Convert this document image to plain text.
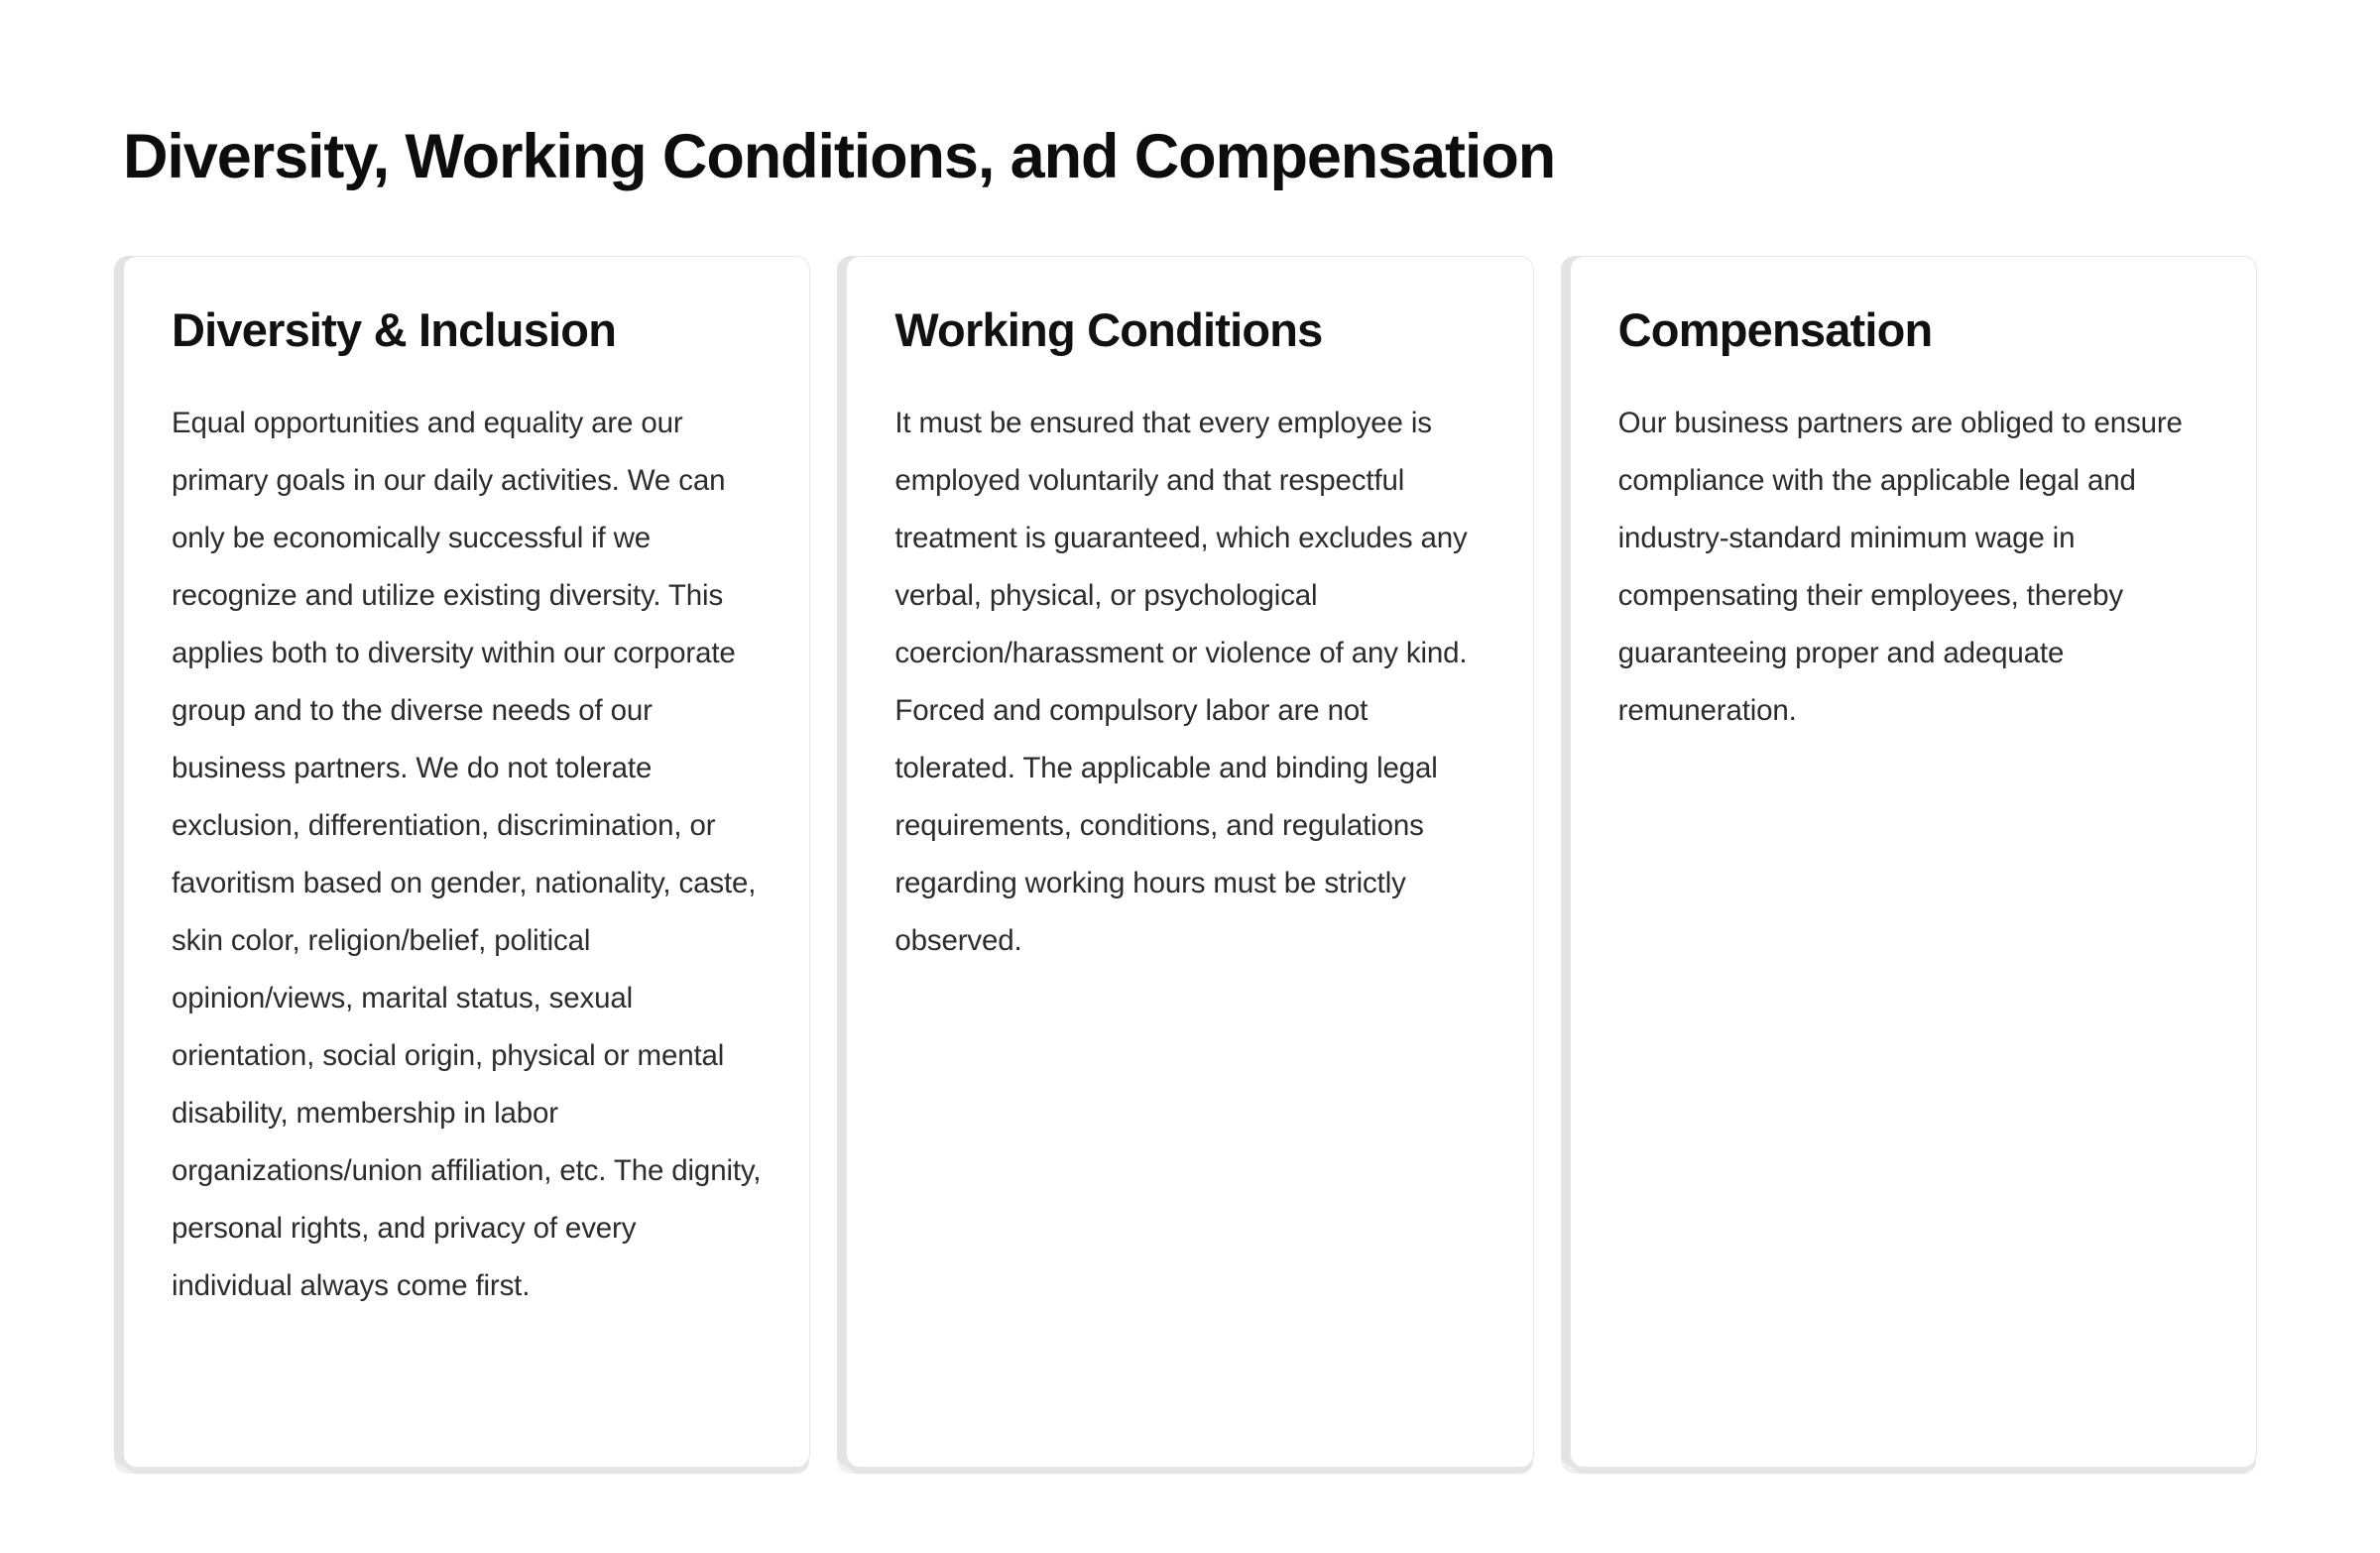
Diversity, Working Conditions, and Compensation
Diversity & Inclusion

Equal opportunities and equality are our primary goals in our daily activities. We can only be economically successful if we recognize and utilize existing diversity. This applies both to diversity within our corporate group and to the diverse needs of our business partners. We do not tolerate exclusion, differentiation, discrimination, or favoritism based on gender, nationality, caste, skin color, religion/belief, political opinion/views, marital status, sexual orientation, social origin, physical or mental disability, membership in labor organizations/union affiliation, etc. The dignity, personal rights, and privacy of every individual always come first.

Working Conditions

It must be ensured that every employee is employed voluntarily and that respectful treatment is guaranteed, which excludes any verbal, physical, or psychological coercion/harassment or violence of any kind. Forced and compulsory labor are not tolerated. The applicable and binding legal requirements, conditions, and regulations regarding working hours must be strictly observed.

Compensation

Our business partners are obliged to ensure compliance with the applicable legal and industry-standard minimum wage in compensating their employees, thereby guaranteeing proper and adequate remuneration.
